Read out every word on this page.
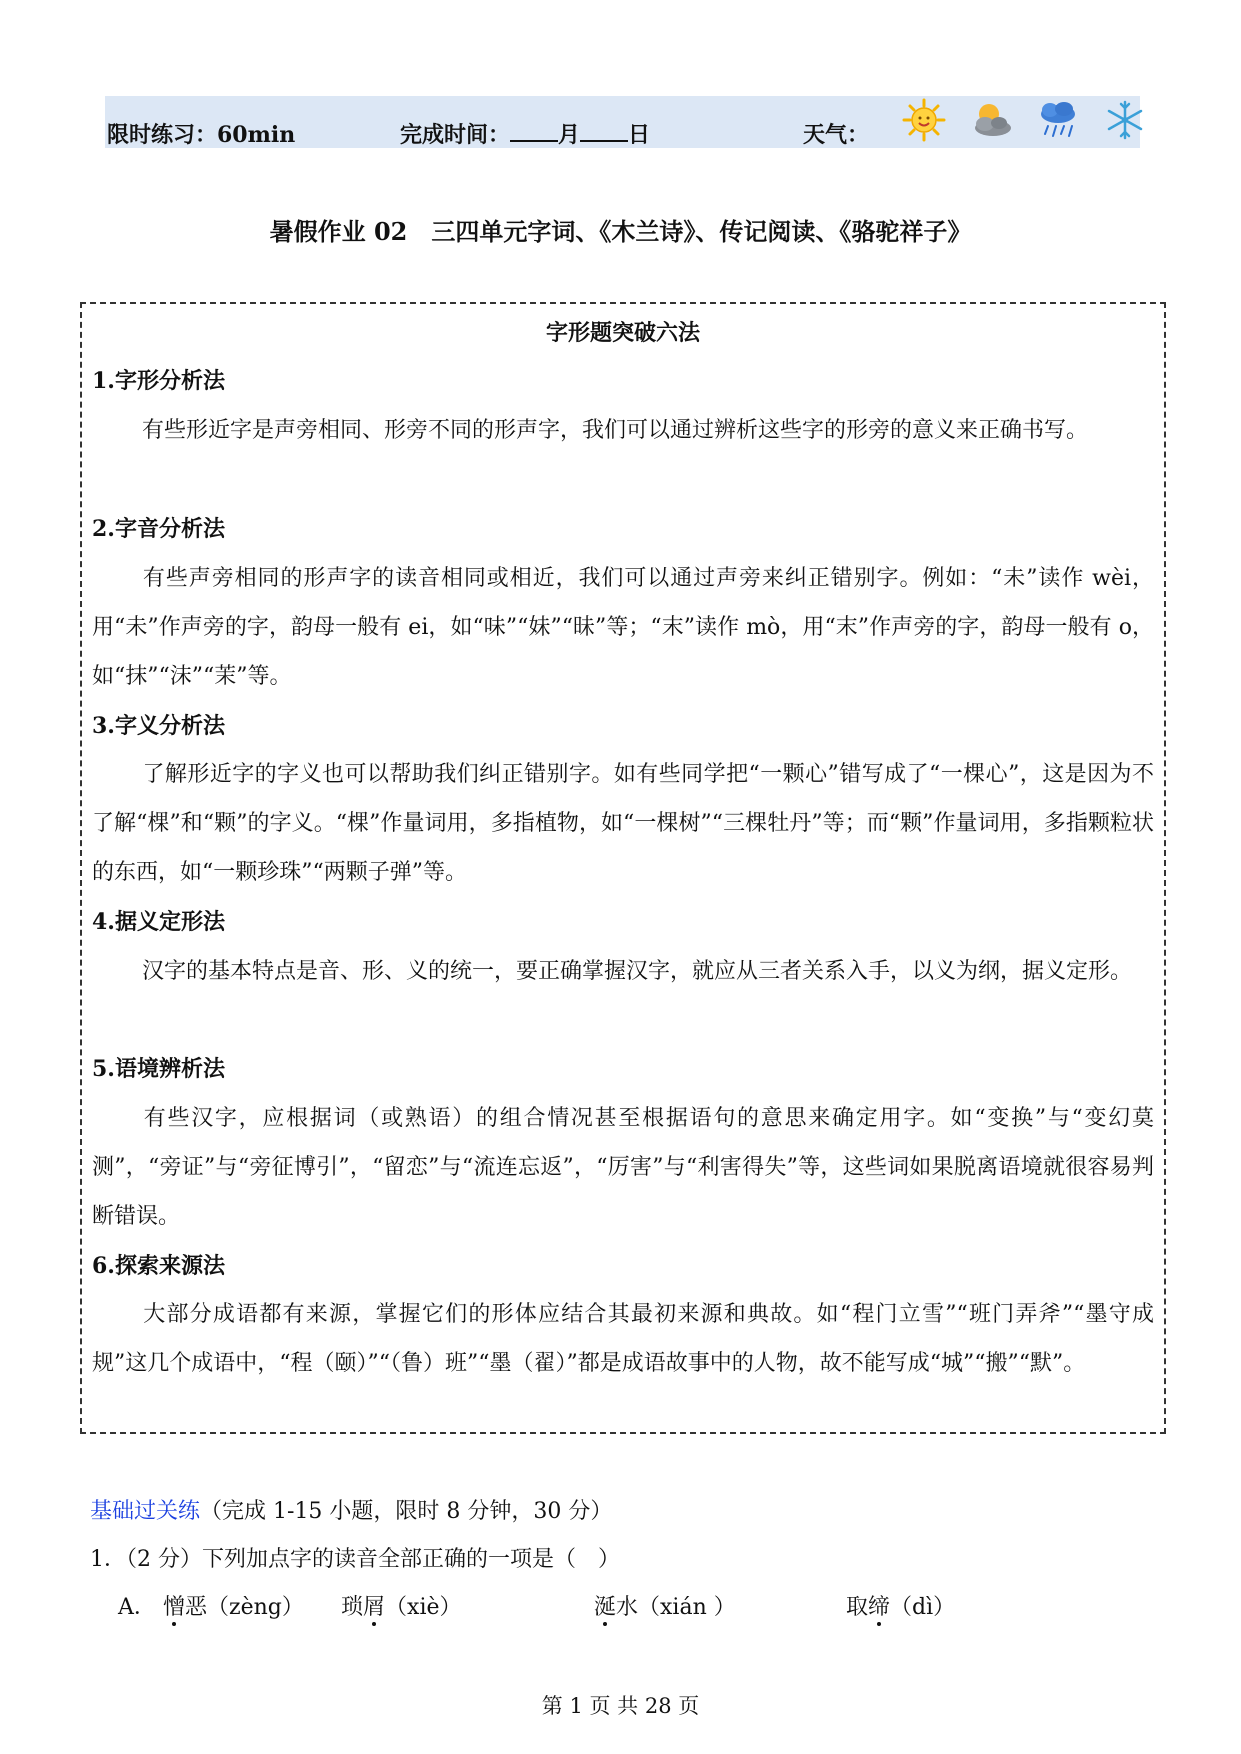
限时练习：60min	完成时间： 月 日	天气：
暑假作业 02　三四单元字词、《木兰诗》、传记阅读、《骆驼祥子》
字形题突破六法
1.字形分析法
有些形近字是声旁相同、形旁不同的形声字，我们可以通过辨析这些字的形旁的意义来正确书写。
2.字音分析法
有些声旁相同的形声字的读音相同或相近，我们可以通过声旁来纠正错别字。例如：“未”读作 wèi，用“未”作声旁的字，韵母一般有 ei，如“味”“妹”“昧”等；“末”读作 mò，用“末”作声旁的字，韵母一般有 o，如“抹”“沫”“茉”等。
3.字义分析法
了解形近字的字义也可以帮助我们纠正错别字。如有些同学把“一颗心”错写成了“一棵心”，这是因为不了解“棵”和“颗”的字义。“棵”作量词用，多指植物，如“一棵树”“三棵牡丹”等；而“颗”作量词用，多指颗粒状的东西，如“一颗珍珠”“两颗子弹”等。
4.据义定形法
汉字的基本特点是音、形、义的统一，要正确掌握汉字，就应从三者关系入手，以义为纲，据义定形。
5.语境辨析法
有些汉字，应根据词（或熟语）的组合情况甚至根据语句的意思来确定用字。如“变换”与“变幻莫测”，“旁证”与“旁征博引”，“留恋”与“流连忘返”，“厉害”与“利害得失”等，这些词如果脱离语境就很容易判断错误。
6.探索来源法
大部分成语都有来源，掌握它们的形体应结合其最初来源和典故。如“程门立雪”“班门弄斧”“墨守成规”这几个成语中，“程（颐）”“（鲁）班”“墨（翟）”都是成语故事中的人物，故不能写成“城”“搬”“默”。
基础过关练（完成 1-15 小题，限时 8 分钟，30 分）
1．（2 分）下列加点字的读音全部正确的一项是（　）
A． 憎恶（zèng） 琐屑（xiè）	涎水（xián ）	取缔（dì）
第 1 页 共 28 页
